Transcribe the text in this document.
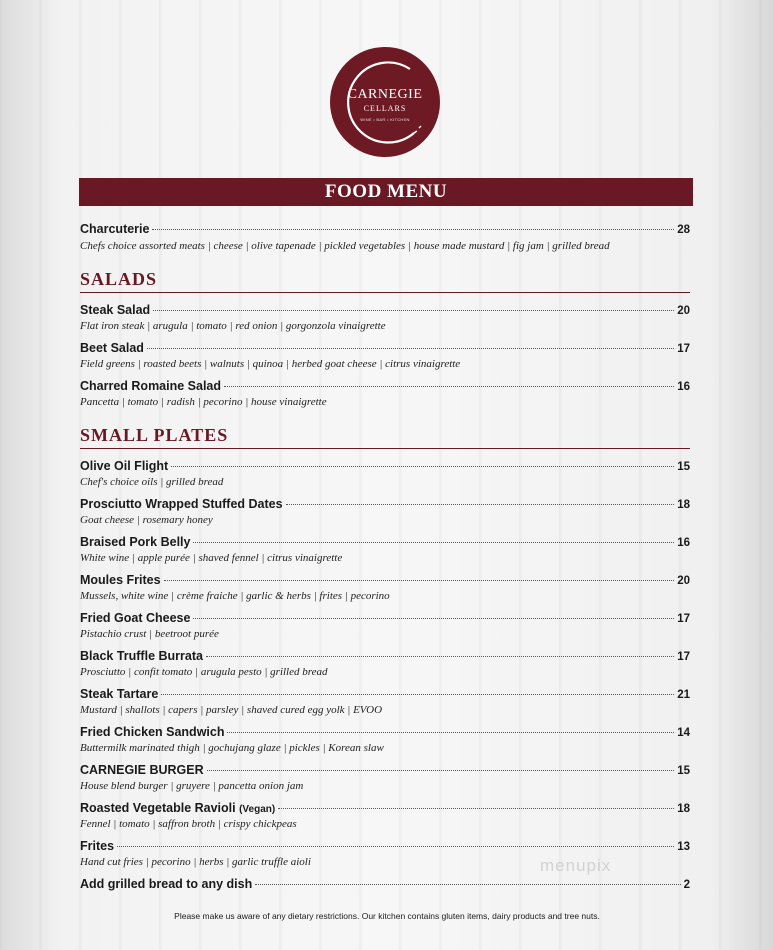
CARNEGIE
CELLARS
WINE • BAR • KITCHEN
FOOD MENU
Charcuterie	28
Chefs choice assorted meats | cheese | olive tapenade | pickled vegetables | house made mustard | fig jam | grilled bread
SALADS
Steak Salad	20
Flat iron steak | arugula | tomato | red onion | gorgonzola vinaigrette
Beet Salad	17
Field greens | roasted beets | walnuts | quinoa | herbed goat cheese | citrus vinaigrette
Charred Romaine Salad	16
Pancetta | tomato | radish | pecorino | house vinaigrette
SMALL PLATES
Olive Oil Flight	15
Chef's choice oils | grilled bread
Prosciutto Wrapped Stuffed Dates	18
Goat cheese | rosemary honey
Braised Pork Belly	16
White wine | apple purée | shaved fennel | citrus vinaigrette
Moules Frites	20
Mussels, white wine | crème fraiche | garlic & herbs | frites | pecorino
Fried Goat Cheese	17
Pistachio crust | beetroot purée
Black Truffle Burrata	17
Prosciutto | confit tomato | arugula pesto | grilled bread
Steak Tartare	21
Mustard | shallots | capers | parsley | shaved cured egg yolk | EVOO
Fried Chicken Sandwich	14
Buttermilk marinated thigh | gochujang glaze | pickles | Korean slaw
CARNEGIE BURGER	15
House blend burger | gruyere | pancetta onion jam
Roasted Vegetable Ravioli (Vegan)	18
Fennel | tomato | saffron broth | crispy chickpeas
Frites	13
Hand cut fries | pecorino | herbs | garlic truffle aioli
Add grilled bread to any dish	2
menupix
Please make us aware of any dietary restrictions. Our kitchen contains gluten items, dairy products and tree nuts.
